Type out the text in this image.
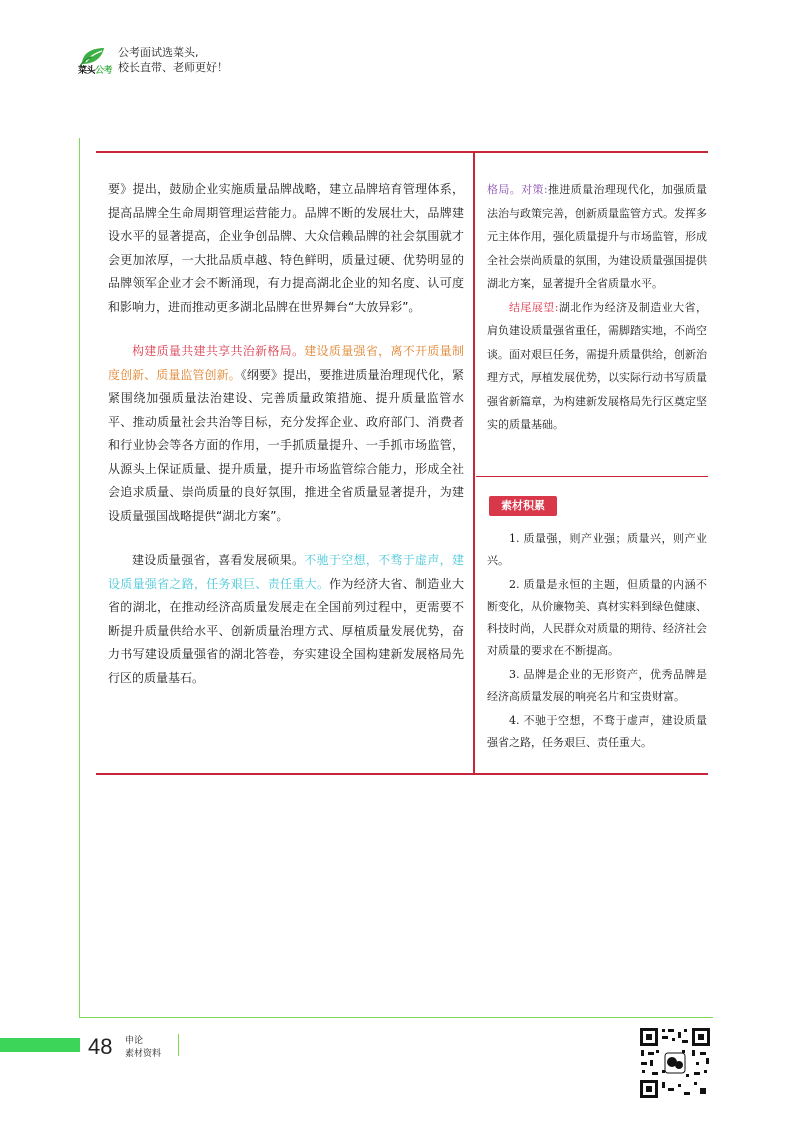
菜头公考
公考面试选菜头,
校长直带、老师更好！

要》提出，鼓励企业实施质量品牌战略，建立品牌培育管理体系，提高品牌全生命周期管理运营能力。品牌不断的发展壮大，品牌建设水平的显著提高，企业争创品牌、大众信赖品牌的社会氛围就才会更加浓厚，一大批品质卓越、特色鲜明，质量过硬、优势明显的品牌领军企业才会不断涌现，有力提高湖北企业的知名度、认可度和影响力，进而推动更多湖北品牌在世界舞台“大放异彩”。

构建质量共建共享共治新格局。建设质量强省，离不开质量制度创新、质量监管创新。《纲要》提出，要推进质量治理现代化，紧紧围绕加强质量法治建设、完善质量政策措施、提升质量监管水平、推动质量社会共治等目标，充分发挥企业、政府部门、消费者和行业协会等各方面的作用，一手抓质量提升、一手抓市场监管，从源头上保证质量、提升质量，提升市场监管综合能力，形成全社会追求质量、崇尚质量的良好氛围，推进全省质量显著提升，为建设质量强国战略提供“湖北方案”。

建设质量强省，喜看发展硕果。不驰于空想，不骛于虚声，建设质量强省之路，任务艰巨、责任重大。作为经济大省、制造业大省的湖北，在推动经济高质量发展走在全国前列过程中，更需要不断提升质量供给水平、创新质量治理方式、厚植质量发展优势，奋力书写建设质量强省的湖北答卷，夯实建设全国构建新发展格局先行区的质量基石。

格局。对策:推进质量治理现代化，加强质量法治与政策完善，创新质量监管方式。发挥多元主体作用，强化质量提升与市场监管，形成全社会崇尚质量的氛围，为建设质量强国提供湖北方案，显著提升全省质量水平。

结尾展望:湖北作为经济及制造业大省，肩负建设质量强省重任，需脚踏实地，不尚空谈。面对艰巨任务，需提升质量供给，创新治理方式，厚植发展优势，以实际行动书写质量强省新篇章，为构建新发展格局先行区奠定坚实的质量基础。

素材积累

1. 质量强，则产业强；质量兴，则产业兴。

2. 质量是永恒的主题，但质量的内涵不断变化，从价廉物美、真材实料到绿色健康、科技时尚，人民群众对质量的期待、经济社会对质量的要求在不断提高。

3. 品牌是企业的无形资产，优秀品牌是经济高质量发展的响亮名片和宝贵财富。

4. 不驰于空想，不骛于虚声，建设质量强省之路，任务艰巨、责任重大。

48 申论
素材资料
